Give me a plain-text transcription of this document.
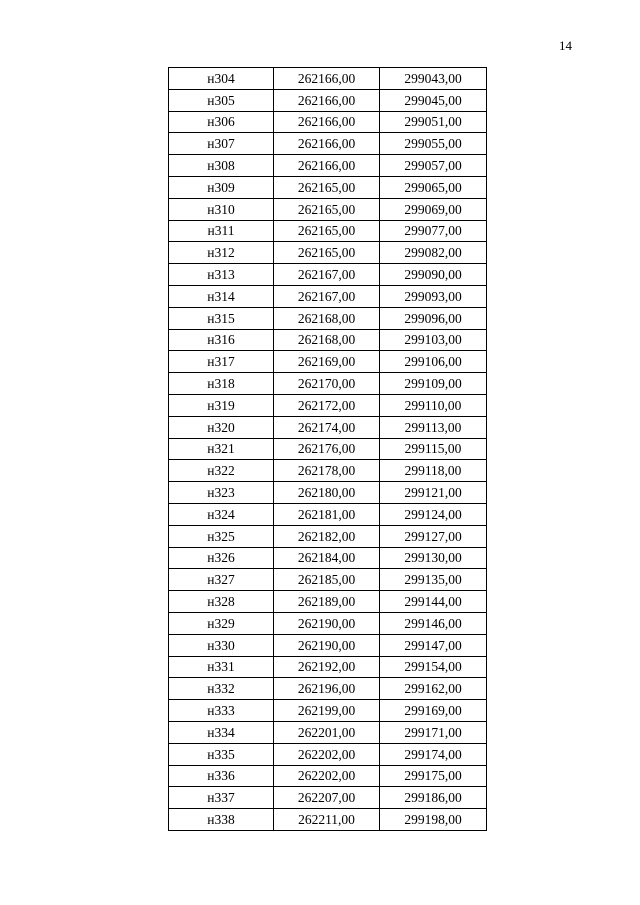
14
н304	262166,00	299043,00
н305	262166,00	299045,00
н306	262166,00	299051,00
н307	262166,00	299055,00
н308	262166,00	299057,00
н309	262165,00	299065,00
н310	262165,00	299069,00
н311	262165,00	299077,00
н312	262165,00	299082,00
н313	262167,00	299090,00
н314	262167,00	299093,00
н315	262168,00	299096,00
н316	262168,00	299103,00
н317	262169,00	299106,00
н318	262170,00	299109,00
н319	262172,00	299110,00
н320	262174,00	299113,00
н321	262176,00	299115,00
н322	262178,00	299118,00
н323	262180,00	299121,00
н324	262181,00	299124,00
н325	262182,00	299127,00
н326	262184,00	299130,00
н327	262185,00	299135,00
н328	262189,00	299144,00
н329	262190,00	299146,00
н330	262190,00	299147,00
н331	262192,00	299154,00
н332	262196,00	299162,00
н333	262199,00	299169,00
н334	262201,00	299171,00
н335	262202,00	299174,00
н336	262202,00	299175,00
н337	262207,00	299186,00
н338	262211,00	299198,00
